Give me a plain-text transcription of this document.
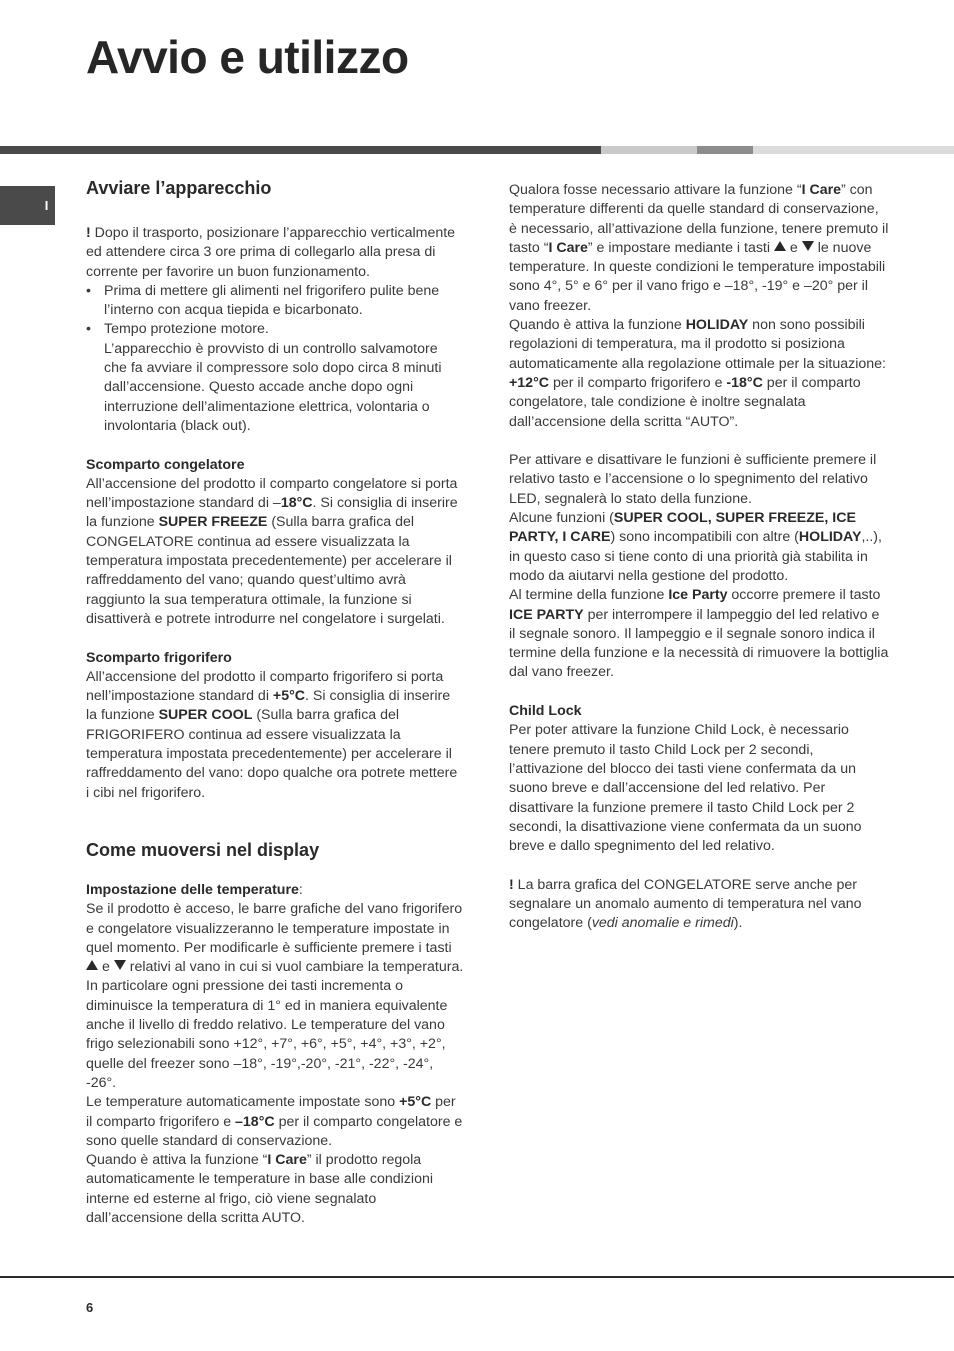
Avvio e utilizzo
I
Avviare l’apparecchio

! Dopo il trasporto, posizionare l’apparecchio verticalmente ed attendere circa 3 ore prima di collegarlo alla presa di corrente per favorire un buon funzionamento.

• Prima di mettere gli alimenti nel frigorifero pulite bene l’interno con acqua tiepida e bicarbonato.
• Tempo protezione motore.
L’apparecchio è provvisto di un controllo salvamotore che fa avviare il compressore solo dopo circa 8 minuti dall’accensione. Questo accade anche dopo ogni interruzione dell’alimentazione elettrica, volontaria o involontaria (black out).

Scomparto congelatore

All’accensione del prodotto il comparto congelatore si porta nell’impostazione standard di –18°C. Si consiglia di inserire la funzione SUPER FREEZE (Sulla barra grafica del CONGELATORE continua ad essere visualizzata la temperatura impostata precedentemente) per accelerare il raffreddamento del vano; quando quest’ultimo avrà raggiunto la sua temperatura ottimale, la funzione si disattiverà e potrete introdurre nel congelatore i surgelati.

Scomparto frigorifero

All’accensione del prodotto il comparto frigorifero si porta nell’impostazione standard di +5°C. Si consiglia di inserire la funzione SUPER COOL (Sulla barra grafica del FRIGORIFERO continua ad essere visualizzata la temperatura impostata precedentemente) per accelerare il raffreddamento del vano: dopo qualche ora potrete mettere i cibi nel frigorifero.

Come muoversi nel display

Impostazione delle temperature:

Se il prodotto è acceso, le barre grafiche del vano frigorifero e congelatore visualizzeranno le temperature impostate in quel momento. Per modificarle è sufficiente premere i tasti  e  relativi al vano in cui si vuol cambiare la temperatura. In particolare ogni pressione dei tasti incrementa o diminuisce la temperatura di 1° ed in maniera equivalente anche il livello di freddo relativo. Le temperature del vano frigo selezionabili sono +12°, +7°, +6°, +5°, +4°, +3°, +2°, quelle del freezer sono –18°, -19°,-20°, -21°, -22°, -24°, -26°.

Le temperature automaticamente impostate sono +5°C per il comparto frigorifero e –18°C per il comparto congelatore e sono quelle standard di conservazione.

Quando è attiva la funzione “I Care” il prodotto regola automaticamente le temperature in base alle condizioni interne ed esterne al frigo, ciò viene segnalato dall’accensione della scritta AUTO.

Qualora fosse necessario attivare la funzione “I Care” con temperature differenti da quelle standard di conservazione, è necessario, all’attivazione della funzione, tenere premuto il tasto “I Care” e impostare mediante i tasti  e  le nuove temperature. In queste condizioni le temperature impostabili sono 4°, 5° e 6° per il vano frigo e –18°, -19° e –20° per il vano freezer.

Quando è attiva la funzione HOLIDAY non sono possibili regolazioni di temperatura, ma il prodotto si posiziona automaticamente alla regolazione ottimale per la situazione: +12°C per il comparto frigorifero e -18°C per il comparto congelatore, tale condizione è inoltre segnalata dall’accensione della scritta “AUTO”.

Per attivare e disattivare le funzioni è sufficiente premere il relativo tasto e l’accensione o lo spegnimento del relativo LED, segnalerà lo stato della funzione.

Alcune funzioni (SUPER COOL, SUPER FREEZE, ICE PARTY, I CARE) sono incompatibili con altre (HOLIDAY,..), in questo caso si tiene conto di una priorità già stabilita in modo da aiutarvi nella gestione del prodotto.

Al termine della funzione Ice Party occorre premere il tasto ICE PARTY per interrompere il lampeggio del led relativo e il segnale sonoro. Il lampeggio e il segnale sonoro indica il termine della funzione e la necessità di rimuovere la bottiglia dal vano freezer.

Child Lock

Per poter attivare la funzione Child Lock, è necessario tenere premuto il tasto Child Lock per 2 secondi, l’attivazione del blocco dei tasti viene confermata da un suono breve e dall’accensione del led relativo. Per disattivare la funzione premere il tasto Child Lock per 2 secondi, la disattivazione viene confermata da un suono breve e dallo spegnimento del led relativo.

! La barra grafica del CONGELATORE serve anche per segnalare un anomalo aumento di temperatura nel vano congelatore (vedi anomalie e rimedi).

6
